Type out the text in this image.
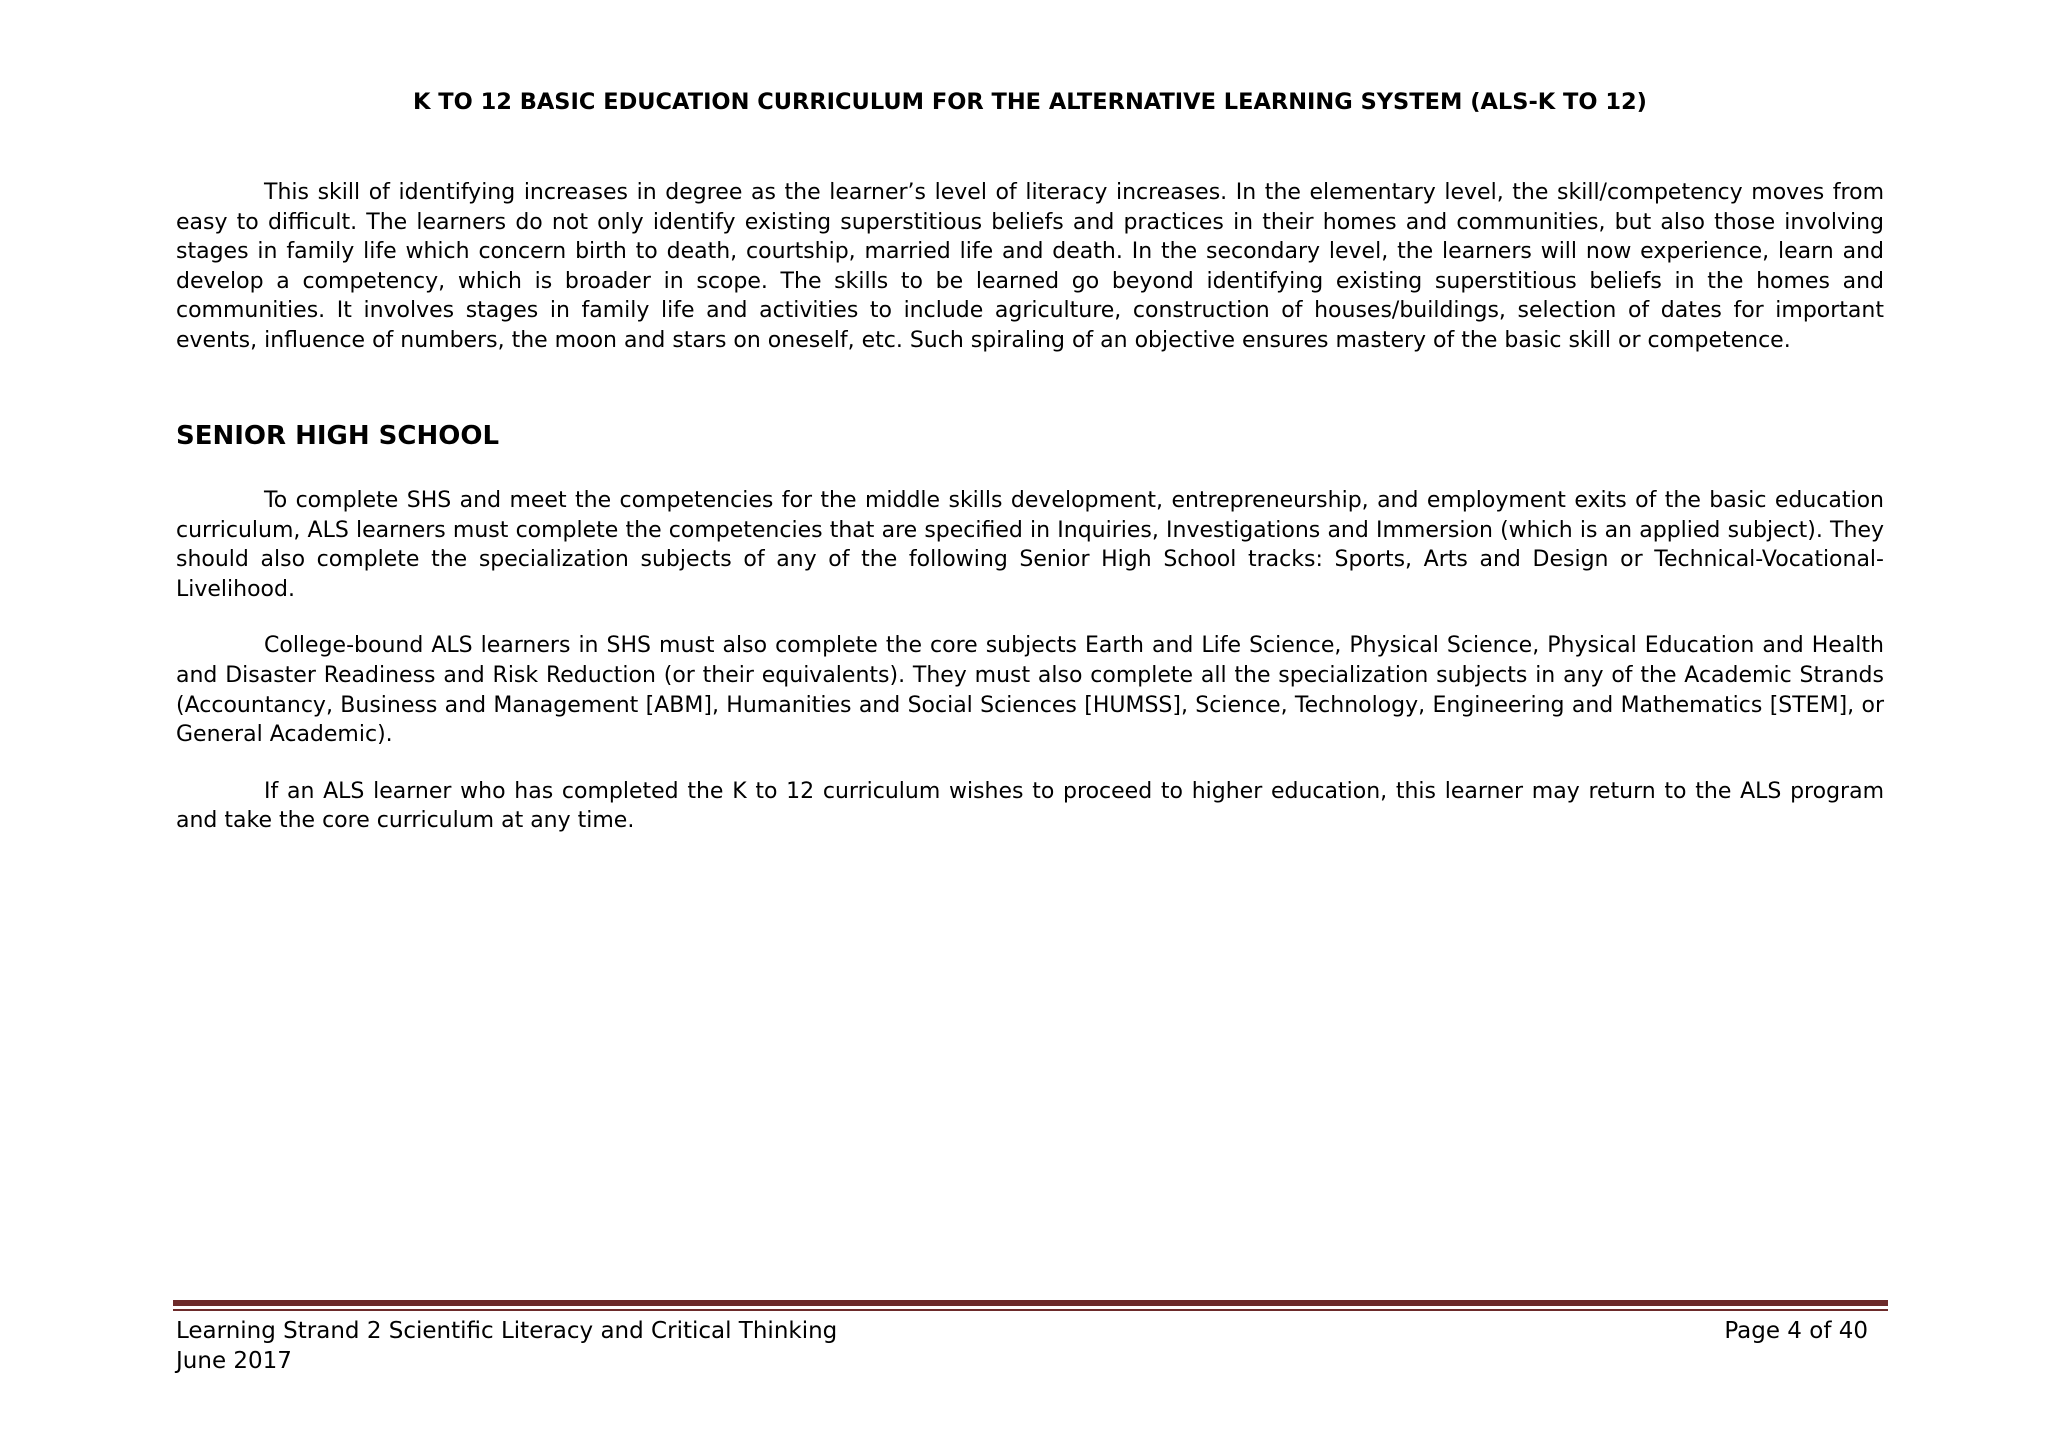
K TO 12 BASIC EDUCATION CURRICULUM FOR THE ALTERNATIVE LEARNING SYSTEM (ALS-K TO 12)

This skill of identifying increases in degree as the learner’s level of literacy increases. In the elementary level, the skill/competency moves from easy to difficult. The learners do not only identify existing superstitious beliefs and practices in their homes and communities, but also those involving stages in family life which concern birth to death, courtship, married life and death. In the secondary level, the learners will now experience, learn and develop a competency, which is broader in scope. The skills to be learned go beyond identifying existing superstitious beliefs in the homes and communities. It involves stages in family life and activities to include agriculture, construction of houses/buildings, selection of dates for important events, influence of numbers, the moon and stars on oneself, etc. Such spiraling of an objective ensures mastery of the basic skill or competence.

SENIOR HIGH SCHOOL

To complete SHS and meet the competencies for the middle skills development, entrepreneurship, and employment exits of the basic education curriculum, ALS learners must complete the competencies that are specified in Inquiries, Investigations and Immersion (which is an applied subject). They should also complete the specialization subjects of any of the following Senior High School tracks: Sports, Arts and Design or Technical-Vocational-Livelihood.

College-bound ALS learners in SHS must also complete the core subjects Earth and Life Science, Physical Science, Physical Education and Health and Disaster Readiness and Risk Reduction (or their equivalents). They must also complete all the specialization subjects in any of the Academic Strands (Accountancy, Business and Management [ABM], Humanities and Social Sciences [HUMSS], Science, Technology, Engineering and Mathematics [STEM], or General Academic).

If an ALS learner who has completed the K to 12 curriculum wishes to proceed to higher education, this learner may return to the ALS program and take the core curriculum at any time.

Learning Strand 2 Scientific Literacy and Critical Thinking
June 2017
Page 4 of 40
